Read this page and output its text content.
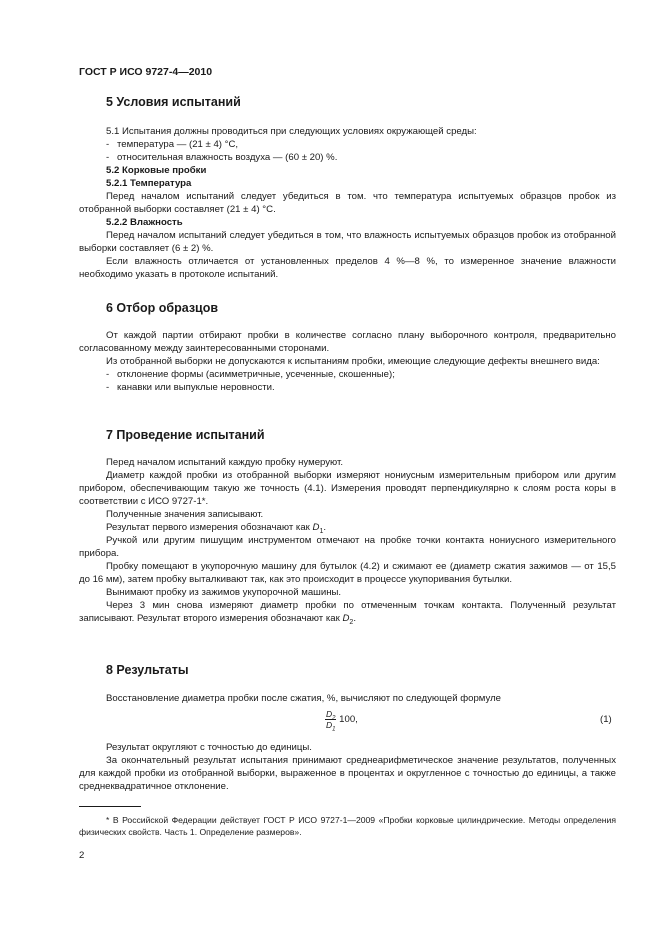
ГОСТ Р ИСО 9727-4—2010
5 Условия испытаний

5.1 Испытания должны проводиться при следующих условиях окружающей среды:

- температура — (21 ± 4) °С,

- относительная влажность воздуха — (60 ± 20) %.

5.2 Корковые пробки

5.2.1 Температура

Перед началом испытаний следует убедиться в том. что температура испытуемых образцов пробок из отобранной выборки составляет (21 ± 4) °С.

5.2.2 Влажность

Перед началом испытаний следует убедиться в том, что влажность испытуемых образцов пробок из отобранной выборки составляет (6 ± 2) %.

Если влажность отличается от установленных пределов 4 %—8 %, то измеренное значение влажности необходимо указать в протоколе испытаний.

6 Отбор образцов

От каждой партии отбирают пробки в количестве согласно плану выборочного контроля, предварительно согласованному между заинтересованными сторонами.

Из отобранной выборки не допускаются к испытаниям пробки, имеющие следующие дефекты внешнего вида:

- отклонение формы (асимметричные, усеченные, скошенные);

- канавки или выпуклые неровности.

7 Проведение испытаний

Перед началом испытаний каждую пробку нумеруют.

Диаметр каждой пробки из отобранной выборки измеряют нониусным измерительным прибором или другим прибором, обеспечивающим такую же точность (4.1). Измерения проводят перпендикулярно к слоям роста коры в соответствии с ИСО 9727-1*.

Полученные значения записывают.

Результат первого измерения обозначают как $D_1$.

Ручкой или другим пишущим инструментом отмечают на пробке точки контакта нониусного измерительного прибора.

Пробку помещают в укупорочную машину для бутылок (4.2) и сжимают ее (диаметр сжатия зажимов — от 15,5 до 16 мм), затем пробку выталкивают так, как это происходит в процессе укупоривания бутылки.

Вынимают пробку из зажимов укупорочной машины.

Через 3 мин снова измеряют диаметр пробки по отмеченным точкам контакта. Полученный результат записывают. Результат второго измерения обозначают как $D_2$.

8 Результаты

Восстановление диаметра пробки после сжатия, %, вычисляют по следующей формуле

$\frac{D_2}{D_1} 100$,	(1)

Результат округляют с точностью до единицы.

За окончательный результат испытания принимают среднеарифметическое значение результатов, полученных для каждой пробки из отобранной выборки, выраженное в процентах и округленное с точностью до единицы, а также среднеквадратичное отклонение.

* В Российской Федерации действует ГОСТ Р ИСО 9727-1—2009 «Пробки корковые цилиндрические. Методы определения физических свойств. Часть 1. Определение размеров».

2
